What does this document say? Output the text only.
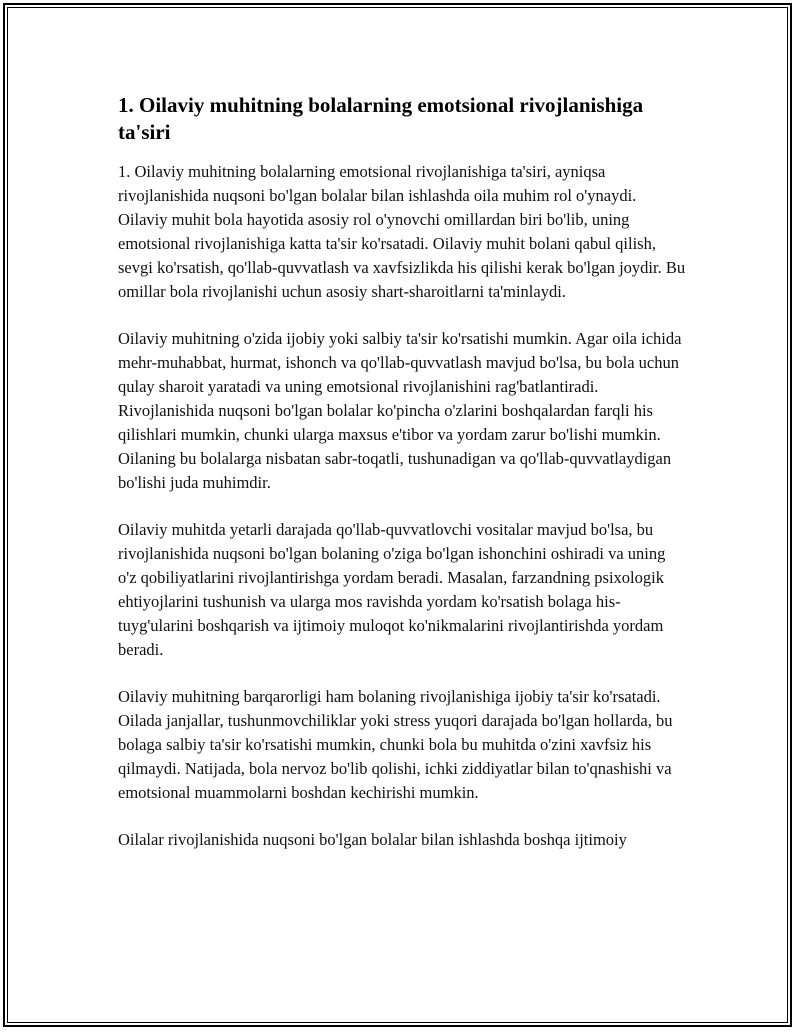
1. Oilaviy muhitning bolalarning emotsional rivojlanishiga ta'siri

1. Oilaviy muhitning bolalarning emotsional rivojlanishiga ta'siri, ayniqsa rivojlanishida nuqsoni bo'lgan bolalar bilan ishlashda oila muhim rol o'ynaydi. Oilaviy muhit bola hayotida asosiy rol o'ynovchi omillardan biri bo'lib, uning emotsional rivojlanishiga katta ta'sir ko'rsatadi. Oilaviy muhit bolani qabul qilish, sevgi ko'rsatish, qo'llab-quvvatlash va xavfsizlikda his qilishi kerak bo'lgan joydir. Bu omillar bola rivojlanishi uchun asosiy shart-sharoitlarni ta'minlaydi.

Oilaviy muhitning o'zida ijobiy yoki salbiy ta'sir ko'rsatishi mumkin. Agar oila ichida mehr-muhabbat, hurmat, ishonch va qo'llab-quvvatlash mavjud bo'lsa, bu bola uchun qulay sharoit yaratadi va uning emotsional rivojlanishini rag'batlantiradi. Rivojlanishida nuqsoni bo'lgan bolalar ko'pincha o'zlarini boshqalardan farqli his qilishlari mumkin, chunki ularga maxsus e'tibor va yordam zarur bo'lishi mumkin. Oilaning bu bolalarga nisbatan sabr-toqatli, tushunadigan va qo'llab-quvvatlaydigan bo'lishi juda muhimdir.

Oilaviy muhitda yetarli darajada qo'llab-quvvatlovchi vositalar mavjud bo'lsa, bu rivojlanishida nuqsoni bo'lgan bolaning o'ziga bo'lgan ishonchini oshiradi va uning o'z qobiliyatlarini rivojlantirishga yordam beradi. Masalan, farzandning psixologik ehtiyojlarini tushunish va ularga mos ravishda yordam ko'rsatish bolaga his-tuyg'ularini boshqarish va ijtimoiy muloqot ko'nikmalarini rivojlantirishda yordam beradi.

Oilaviy muhitning barqarorligi ham bolaning rivojlanishiga ijobiy ta'sir ko'rsatadi. Oilada janjallar, tushunmovchiliklar yoki stress yuqori darajada bo'lgan hollarda, bu bolaga salbiy ta'sir ko'rsatishi mumkin, chunki bola bu muhitda o'zini xavfsiz his qilmaydi. Natijada, bola nervoz bo'lib qolishi, ichki ziddiyatlar bilan to'qnashishi va emotsional muammolarni boshdan kechirishi mumkin.

Oilalar rivojlanishida nuqsoni bo'lgan bolalar bilan ishlashda boshqa ijtimoiy
